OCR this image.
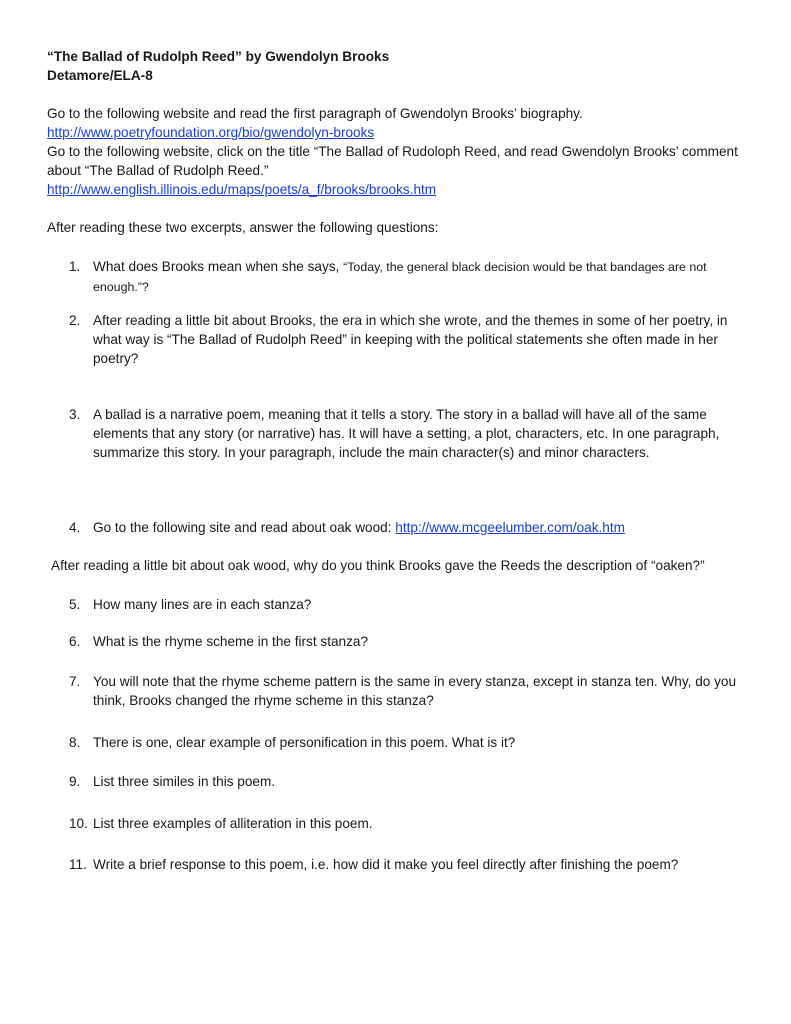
“The Ballad of Rudolph Reed” by Gwendolyn Brooks
Detamore/ELA-8
Go to the following website and read the first paragraph of Gwendolyn Brooks’ biography.
http://www.poetryfoundation.org/bio/gwendolyn-brooks
Go to the following website, click on the title “The Ballad of Rudoloph Reed, and read Gwendolyn Brooks’ comment about “The Ballad of Rudolph Reed.”
http://www.english.illinois.edu/maps/poets/a_f/brooks/brooks.htm
After reading these two excerpts, answer the following questions:
1. What does Brooks mean when she says, “Today, the general black decision would be that bandages are not enough.”?
2. After reading a little bit about Brooks, the era in which she wrote, and the themes in some of her poetry, in what way is “The Ballad of Rudolph Reed” in keeping with the political statements she often made in her poetry?
3. A ballad is a narrative poem, meaning that it tells a story. The story in a ballad will have all of the same elements that any story (or narrative) has. It will have a setting, a plot, characters, etc. In one paragraph, summarize this story. In your paragraph, include the main character(s) and minor characters.
4. Go to the following site and read about oak wood: http://www.mcgeelumber.com/oak.htm
After reading a little bit about oak wood, why do you think Brooks gave the Reeds the description of “oaken?”
5. How many lines are in each stanza?
6. What is the rhyme scheme in the first stanza?
7. You will note that the rhyme scheme pattern is the same in every stanza, except in stanza ten. Why, do you think, Brooks changed the rhyme scheme in this stanza?
8. There is one, clear example of personification in this poem. What is it?
9. List three similes in this poem.
10. List three examples of alliteration in this poem.
11. Write a brief response to this poem, i.e. how did it make you feel directly after finishing the poem?
